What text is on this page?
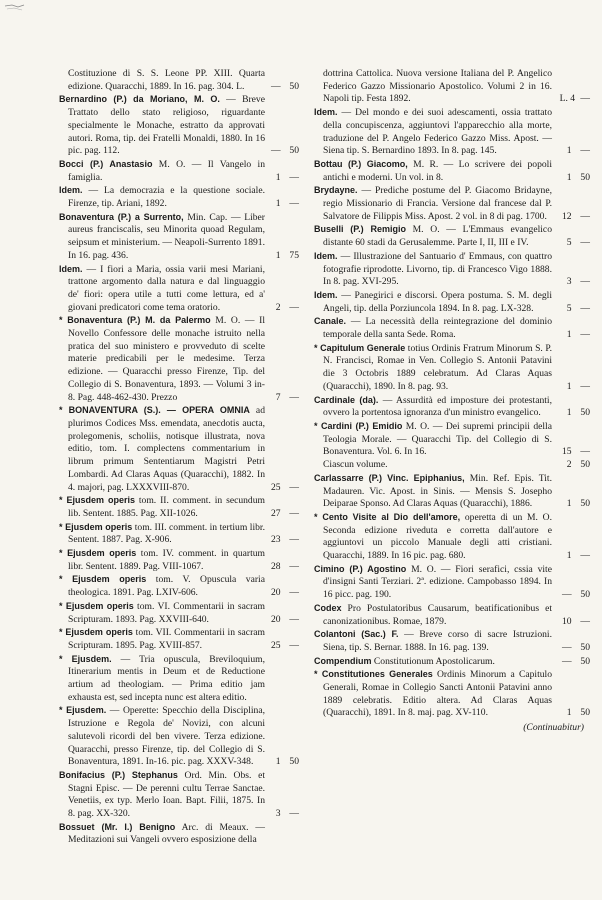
Costituzione di S. S. Leone PP. XIII. Quarta edizione. Quaracchi, 1889. In 16. pag. 304. L.	— 50

Bernardino (P.) da Moriano, M. O. — Breve Trattato dello stato religioso, riguardante specialmente le Monache, estratto da approvati autori. Roma, tip. dei Fratelli Monaldi, 1880. In 16 pic. pag. 112.	— 50

Bocci (P.) Anastasio M. O. — Il Vangelo in famiglia.	1 —

Idem. — La democrazia e la questione sociale. Firenze, tip. Ariani, 1892.	1 —

Bonaventura (P.) a Surrento, Min. Cap. — Liber aureus franciscalis, seu Minorita quoad Regulam, seipsum et ministerium. — Neapoli-Surrento 1891. In 16. pag. 436.	1 75

Idem. — I fiori a Maria, ossia varii mesi Mariani, trattone argomento dalla natura e dal linguaggio de' fiori: opera utile a tutti come lettura, ed a' giovani predicatori come tema oratorio.	2 —

* Bonaventura (P.) M. da Palermo M. O. — Il Novello Confessore delle monache istruito nella pratica del suo ministero e provveduto di scelte materie predicabili per le medesime. Terza edizione. — Quaracchi presso Firenze, Tip. del Collegio di S. Bonaventura, 1893. — Volumi 3 in-8. Pag. 448-462-430. Prezzo	7 —

* BONAVENTURA (S.). — OPERA OMNIA ad plurimos Codices Mss. emendata, anecdotis aucta, prolegomenis, scholiis, notisque illustrata, nova editio, tom. I. complectens commentarium in librum primum Sententiarum Magistri Petri Lombardi. Ad Claras Aquas (Quaracchi), 1882. In 4. majori, pag. LXXXVIII-870.	25 —

* Ejusdem operis tom. II. comment. in secundum lib. Sentent. 1885. Pag. XII-1026.	27 —

* Ejusdem operis tom. III. comment. in tertium libr. Sentent. 1887. Pag. X-906.	23 —

* Ejusdem operis tom. IV. comment. in quartum libr. Sentent. 1889. Pag. VIII-1067.	28 —

* Ejusdem operis tom. V. Opuscula varia theologica. 1891. Pag. LXIV-606.	20 —

* Ejusdem operis tom. VI. Commentarii in sacram Scripturam. 1893. Pag. XXVIII-640.	20 —

* Ejusdem operis tom. VII. Commentarii in sacram Scripturam. 1895. Pag. XVIII-857.	25 —

* Ejusdem. — Tria opuscula, Breviloquium, Itinerarium mentis in Deum et de Reductione artium ad theologiam. — Prima editio jam exhausta est, sed incepta nunc est altera editio.

* Ejusdem. — Operette: Specchio della Disciplina, Istruzione e Regola de' Novizi, con alcuni salutevoli ricordi del ben vivere. Terza edizione. Quaracchi, presso Firenze, tip. del Collegio di S. Bonaventura, 1891. In-16. pic. pag. XXXV-348.	1 50

Bonifacius (P.) Stephanus Ord. Min. Obs. et Stagni Episc. — De perenni cultu Terrae Sanctae. Venetiis, ex typ. Merlo Ioan. Bapt. Filii, 1875. In 8. pag. XX-320.	3 —

Bossuet (Mr. I.) Benigno Arc. di Meaux. — Meditazioni sui Vangeli ovvero esposizione della

dottrina Cattolica. Nuova versione Italiana del P. Angelico Federico Gazzo Missionario Apostolico. Volumi 2 in 16. Napoli tip. Festa 1892.	L. 4 —

Idem. — Del mondo e dei suoi adescamenti, ossia trattato della concupiscenza, aggiuntovi l'apparecchio alla morte, traduzione del P. Angelo Federico Gazzo Miss. Apost. — Siena tip. S. Bernardino 1893. In 8. pag. 145.	1 —

Bottau (P.) Giacomo, M. R. — Lo scrivere dei popoli antichi e moderni. Un vol. in 8.	1 50

Brydayne. — Prediche postume del P. Giacomo Bridayne, regio Missionario di Francia. Versione dal francese dal P. Salvatore de Filippis Miss. Apost. 2 vol. in 8 di pag. 1700.	12 —

Buselli (P.) Remigio M. O. — L'Emmaus evangelico distante 60 stadi da Gerusalemme. Parte I, II, III e IV.	5 —

Idem. — Illustrazione del Santuario d' Emmaus, con quattro fotografie riprodotte. Livorno, tip. di Francesco Vigo 1888. In 8. pag. XVI-295.	3 —

Idem. — Panegirici e discorsi. Opera postuma. S. M. degli Angeli, tip. della Porziuncola 1894. In 8. pag. LX-328.	5 —

Canale. — La necessità della reintegrazione del dominio temporale della santa Sede. Roma.	1 —

* Capitulum Generale totius Ordinis Fratrum Minorum S. P. N. Francisci, Romae in Ven. Collegio S. Antonii Patavini die 3 Octobris 1889 celebratum. Ad Claras Aquas (Quaracchi), 1890. In 8. pag. 93.	1 —

Cardinale (da). — Assurdità ed imposture dei protestanti, ovvero la portentosa ignoranza d'un ministro evangelico.	1 50

* Cardini (P.) Emidio M. O. — Dei supremi principii della Teologia Morale. — Quaracchi Tip. del Collegio di S. Bonaventura. Vol. 6. In 16.	15 —

Ciascun volume.	2 50

Carlassarre (P.) Vinc. Epiphanius, Min. Ref. Epis. Tit. Madauren. Vic. Apost. in Sinis. — Mensis S. Josepho Deiparae Sponso. Ad Claras Aquas (Quaracchi), 1886.	1 50

* Cento Visite al Dio dell'amore, operetta di un M. O. Seconda edizione riveduta e corretta dall'autore e aggiuntovi un piccolo Manuale degli atti cristiani. Quaracchi, 1889. In 16 pic. pag. 680.	1 —

Cimino (P.) Agostino M. O. — Fiori serafici, cssia vite d'insigni Santi Terziari. 2ª. edizione. Campobasso 1894. In 16 picc. pag. 190.	— 50

Codex Pro Postulatoribus Causarum, beatificationibus et canonizationibus. Romae, 1879.	10 —

Colantoni (Sac.) F. — Breve corso di sacre Istruzioni. Siena, tip. S. Bernar. 1888. In 16. pag. 139.	— 50

Compendium Constitutionum Apostolicarum.	— 50

* Constitutiones Generales Ordinis Minorum a Capitulo Generali, Romae in Collegio Sancti Antonii Patavini anno 1889 celebratis. Editio altera. Ad Claras Aquas (Quaracchi), 1891. In 8. maj. pag. XV-110.	1 50

(Continuabitur)
